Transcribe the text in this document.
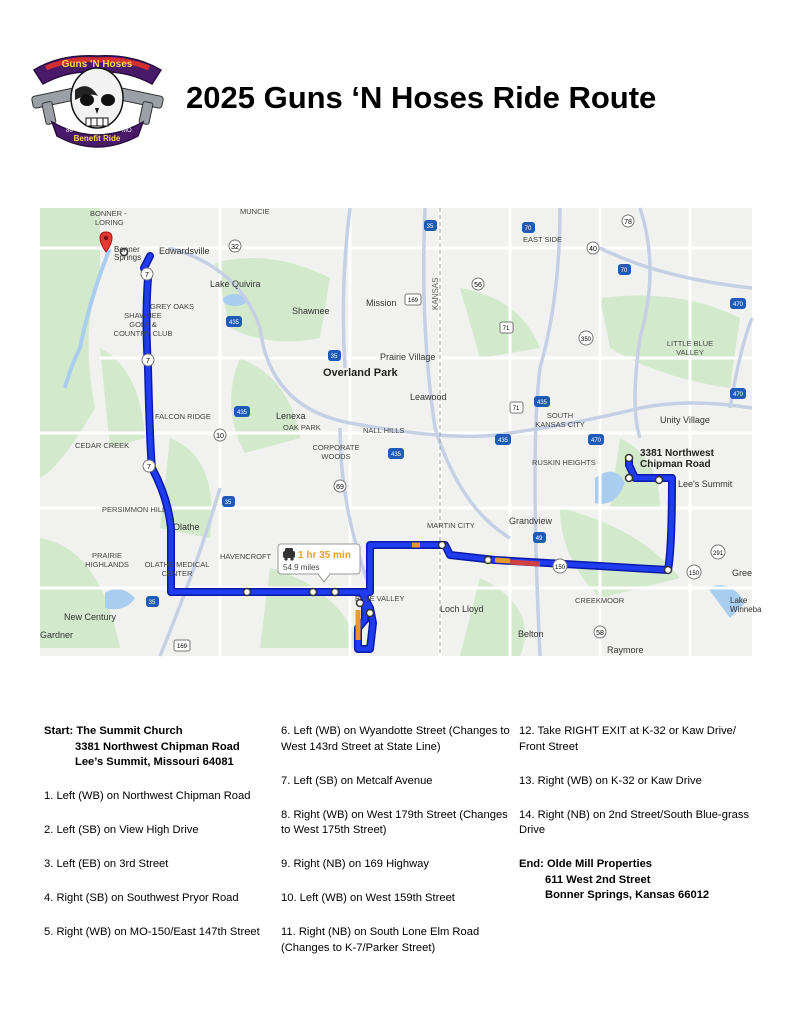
Guns 'N Hoses
Benefit Ride
88	MO
2025 Guns ‘N Hoses Ride Route
32
7
7
7
435
435
435
169
35
35
35
35
56
70
70
40
78
470
470
470
350
71
71
435
435
10
69
49
150
150
291
58
169
BONNER -LORING
MUNCIE
Edwardsville
Bonner Springs
Lake Quivira
GREY OAKS
SHAWNEE GOLF & COUNTRY CLUB
Shawnee
Mission	KANSAS
EAST SIDE
LITTLE BLUE VALLEY
Prairie Village
Overland Park
Leawood
FALCON RIDGE	Lenexa
OAK PARK	NALL HILLS
SOUTH KANSAS CITY	Unity Village
CEDAR CREEK	CORPORATE WOODS
RUSKIN HEIGHTS
3381 Northwest Chipman Road
Lee's Summit
PERSIMMON HILL
Olathe	MARTIN CITY	Grandview
PRAIRIE HIGHLANDS
HAVENCROFT
OLATHE MEDICAL CENTER
BLUE VALLEY
Loch Lloyd
CREEKMOOR
Gree
Lake Winneba
New Century
Gardner	Belton
Raymore
1 hr 35 min
54.9 miles
Start: The Summit Church
3381 Northwest Chipman Road
Lee’s Summit, Missouri 64081
1. Left (WB) on Northwest Chipman Road
2. Left (SB) on View High Drive
3. Left (EB) on 3rd Street
4. Right (SB) on Southwest Pryor Road
5. Right (WB) on MO-150/East 147th Street
6. Left (WB) on Wyandotte Street (Changes to West 143rd Street at State Line)
7. Left (SB) on Metcalf Avenue
8. Right (WB) on West 179th Street (Changes to West 175th Street)
9. Right (NB) on 169 Highway
10. Left (WB) on West 159th Street
11. Right (NB) on South Lone Elm Road (Changes to K-7/Parker Street)
12. Take RIGHT EXIT at K-32 or Kaw Drive/ Front Street
13. Right (WB) on K-32 or Kaw Drive
14. Right (NB) on 2nd Street/South Blue-grass Drive
End: Olde Mill Properties
611 West 2nd Street
Bonner Springs, Kansas 66012
